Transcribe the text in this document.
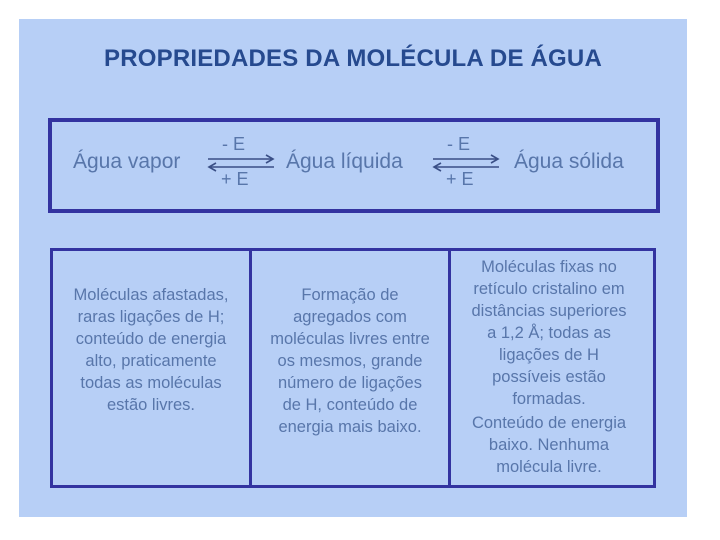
PROPRIEDADES DA MOLÉCULA DE ÁGUA
Água vapor
- E
+ E
Água líquida
- E
+ E
Água sólida

Moléculas afastadas,
raras ligações de H;
conteúdo de energia
alto, praticamente
todas as moléculas
estão livres.

Formação de
agregados com
moléculas livres entre
os mesmos, grande
número de ligações
de H, conteúdo de
energia mais baixo.

Moléculas fixas no
retículo cristalino em
distâncias superiores
a 1,2 Å; todas as
ligações de H
possíveis estão
formadas.

Conteúdo de energia
baixo. Nenhuma
molécula livre.
